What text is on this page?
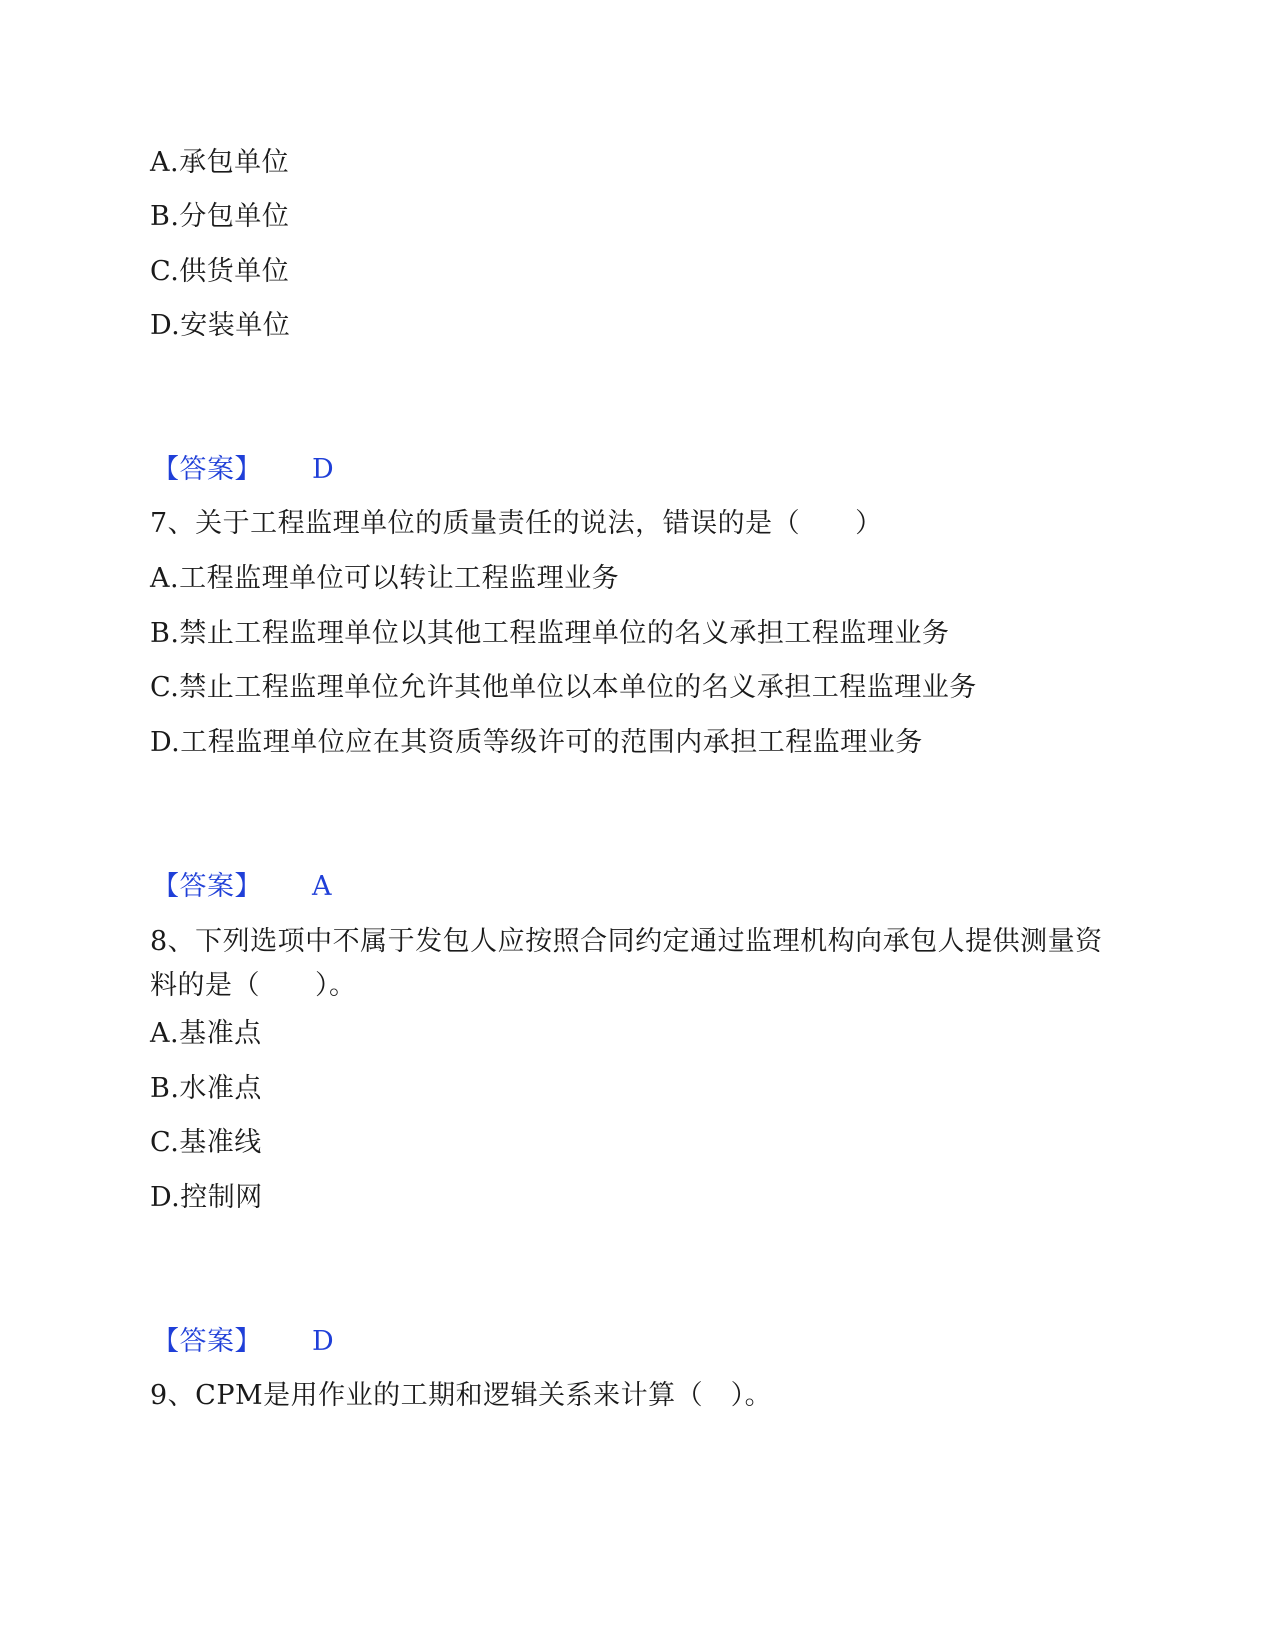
A.承包单位
B.分包单位
C.供货单位
D.安装单位
【答案】 D
7、关于工程监理单位的质量责任的说法，错误的是（　　）
A.工程监理单位可以转让工程监理业务
B.禁止工程监理单位以其他工程监理单位的名义承担工程监理业务
C.禁止工程监理单位允许其他单位以本单位的名义承担工程监理业务
D.工程监理单位应在其资质等级许可的范围内承担工程监理业务
【答案】 A
8、下列选项中不属于发包人应按照合同约定通过监理机构向承包人提供测量资料的是（　　）。
A.基准点
B.水准点
C.基准线
D.控制网
【答案】 D
9、CPM是用作业的工期和逻辑关系来计算（　）。
